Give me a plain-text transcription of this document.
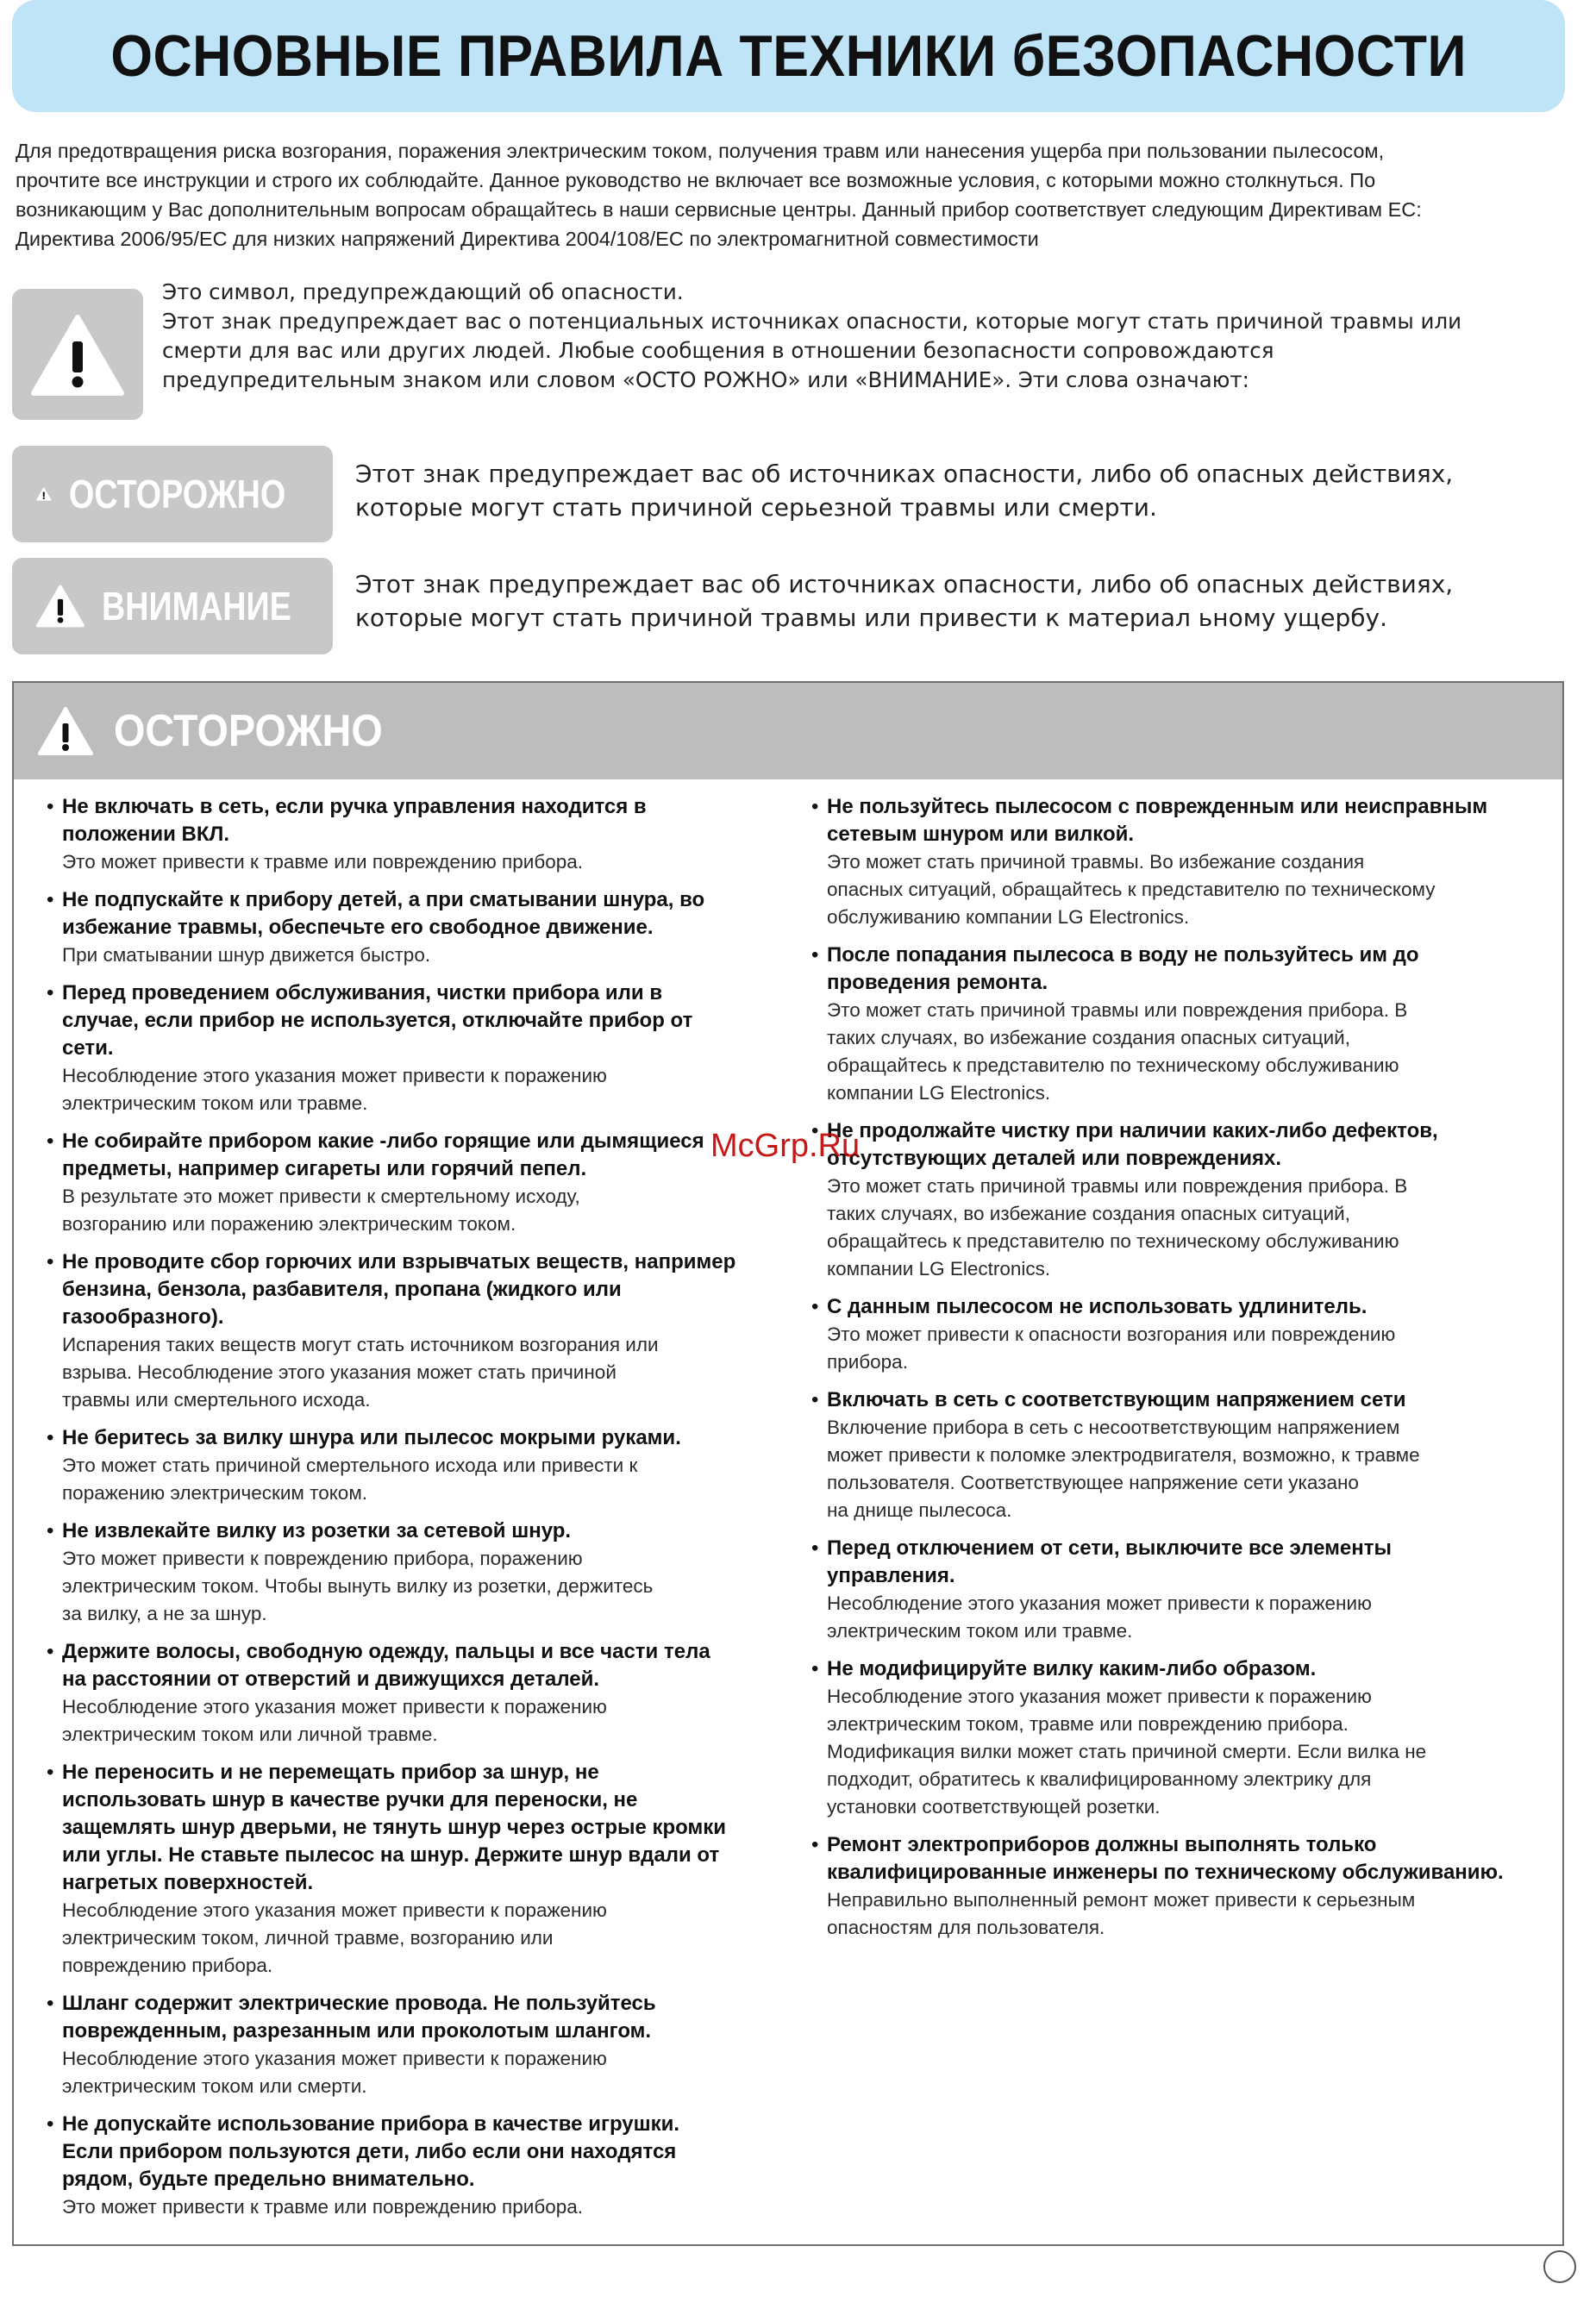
ОСНОВНЫЕ ПРАВИЛА ТЕХНИКИ бЕЗОПАСНОСТИ

Для предотвращения риска возгорания, поражения электрическим током, получения травм или нанесения ущерба при пользовании пылесосом,

прочтите все инструкции и строго их соблюдайте. Данное руководство не включает все возможные условия, с которыми можно столкнуться. По

возникающим у Вас дополнительным вопросам обращайтесь в наши сервисные центры. Данный прибор соответствует следующим Директивам ЕС:

Директива 2006/95/ЕС для низких напряжений Директива 2004/108/ЕС по электромагнитной совместимости

Это символ, предупреждающий об опасности.
Этот знак предупреждает вас о потенциальных источниках опасности, которые могут стать причиной травмы или
смерти для вас или других людей. Любые сообщения в отношении безопасности сопровождаются
предупредительным знаком или словом «ОСТО РОЖНО» или «ВНИМАНИЕ». Эти слова означают:
ОСТОРОЖНО	Этот знак предупреждает вас об источниках опасности, либо об опасных действиях,
которые могут стать причиной серьезной травмы или смерти.
ВНИМАНИЕ	Этот знак предупреждает вас об источниках опасности, либо об опасных действиях,
которые могут стать причиной травмы или привести к материал ьному ущербу.
ОСТОРОЖНО
• Не включать в сеть, если ручка управления находится в
положении ВКЛ.
Это может привести к травме или повреждению прибора.
• Не подпускайте к прибору детей, а при сматывании шнура, во
избежание травмы, обеспечьте его свободное движение.
При сматывании шнур движется быстро.
• Перед проведением обслуживания, чистки прибора или в
случае, если прибор не используется, отключайте прибор от
сети.
Несоблюдение этого указания может привести к поражению
электрическим током или травме.
• Не собирайте прибором какие -либо горящие или дымящиеся
предметы, например сигареты или горячий пепел.
В результате это может привести к смертельному исходу,
возгоранию или поражению электрическим током.
• Не проводите сбор горючих или взрывчатых веществ, например
бензина, бензола, разбавителя, пропана (жидкого или
газообразного).
Испарения таких веществ могут стать источником возгорания или
взрыва. Несоблюдение этого указания может стать причиной
травмы или смертельного исхода.
• Не беритесь за вилку шнура или пылесос мокрыми руками.
Это может стать причиной смертельного исхода или привести к
поражению электрическим током.
• Не извлекайте вилку из розетки за сетевой шнур.
Это может привести к повреждению прибора, поражению
электрическим током. Чтобы вынуть вилку из розетки, держитесь
за вилку, а не за шнур.
• Держите волосы, свободную одежду, пальцы и все части тела
на расстоянии от отверстий и движущихся деталей.
Несоблюдение этого указания может привести к поражению
электрическим током или личной травме.
• Не переносить и не перемещать прибор за шнур, не
использовать шнур в качестве ручки для переноски, не
защемлять шнур дверьми, не тянуть шнур через острые кромки
или углы. Не ставьте пылесос на шнур. Держите шнур вдали от
нагретых поверхностей.
Несоблюдение этого указания может привести к поражению
электрическим током, личной травме, возгоранию или
повреждению прибора.
• Шланг содержит электрические провода. Не пользуйтесь
поврежденным, разрезанным или проколотым шлангом.
Несоблюдение этого указания может привести к поражению
электрическим током или смерти.
• Не допускайте использование прибора в качестве игрушки.
Если прибором пользуются дети, либо если они находятся
рядом, будьте предельно внимательно.
Это может привести к травме или повреждению прибора.
• Не пользуйтесь пылесосом с поврежденным или неисправным
сетевым шнуром или вилкой.
Это может стать причиной травмы. Во избежание создания
опасных ситуаций, обращайтесь к представителю по техническому
обслуживанию компании LG Electronics.
• После попадания пылесоса в воду не пользуйтесь им до
проведения ремонта.
Это может стать причиной травмы или повреждения прибора. В
таких случаях, во избежание создания опасных ситуаций,
обращайтесь к представителю по техническому обслуживанию
компании LG Electronics.
• Не продолжайте чистку при наличии каких-либо дефектов,
отсутствующих деталей или повреждениях.
Это может стать причиной травмы или повреждения прибора. В
таких случаях, во избежание создания опасных ситуаций,
обращайтесь к представителю по техническому обслуживанию
компании LG Electronics.
• С данным пылесосом не использовать удлинитель.
Это может привести к опасности возгорания или повреждению
прибора.
• Включать в сеть с соответствующим напряжением сети
Включение прибора в сеть с несоответствующим напряжением
может привести к поломке электродвигателя, возможно, к травме
пользователя. Соответствующее напряжение сети указано
на днище пылесоса.
• Перед отключением от сети, выключите все элементы
управления.
Несоблюдение этого указания может привести к поражению
электрическим током или травме.
• Не модифицируйте вилку каким-либо образом.
Несоблюдение этого указания может привести к поражению
электрическим током, травме или повреждению прибора.
Модификация вилки может стать причиной смерти. Если вилка не
подходит, обратитесь к квалифицированному электрику для
установки соответствующей розетки.
• Ремонт электроприборов должны выполнять только
квалифицированные инженеры по техническому обслуживанию.
Неправильно выполненный ремонт может привести к серьезным
опасностям для пользователя.
McGrp.Ru
